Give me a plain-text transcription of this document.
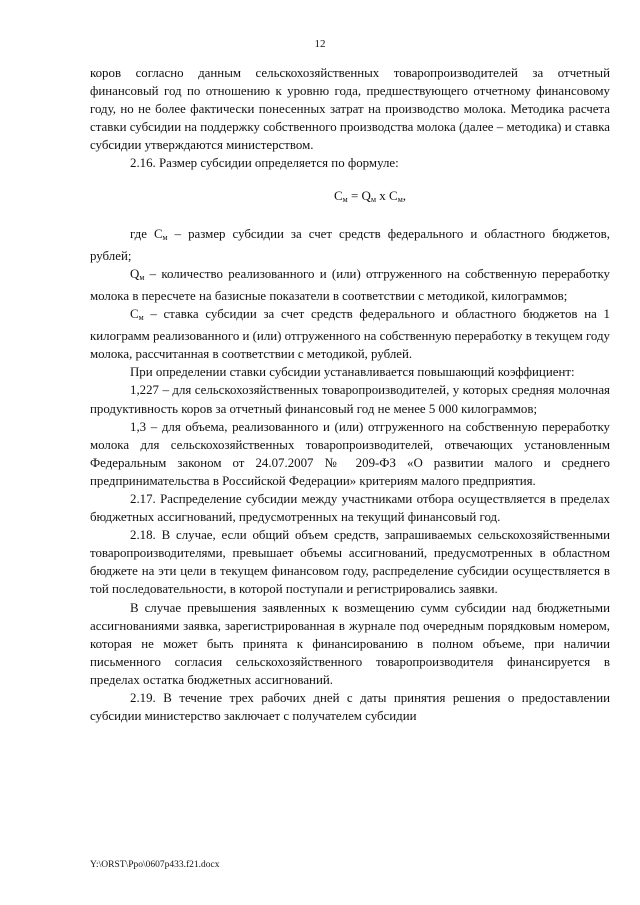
12

коров согласно данным сельскохозяйственных товаропроизводителей за отчетный финансовый год по отношению к уровню года, предшествующего отчетному финансовому году, но не более фактически понесенных затрат на производство молока. Методика расчета ставки субсидии на поддержку собственного производства молока (далее – методика) и ставка субсидии утверждаются министерством.

2.16. Размер субсидии определяется по формуле:

$С_м = Q_м$ x $С_м$,

где $С_м$ – размер субсидии за счет средств федерального и областного бюджетов, рублей;

$Q_м$ – количество реализованного и (или) отгруженного на собственную переработку молока в пересчете на базисные показатели в соответствии с методикой, килограммов;

$С_м$ – ставка субсидии за счет средств федерального и областного бюджетов на 1 килограмм реализованного и (или) отгруженного на собственную переработку в текущем году молока, рассчитанная в соответствии с методикой, рублей.

При определении ставки субсидии устанавливается повышающий коэффициент:

1,227 – для сельскохозяйственных товаропроизводителей, у которых средняя молочная продуктивность коров за отчетный финансовый год не менее 5 000 килограммов;

1,3 – для объема, реализованного и (или) отгруженного на собственную переработку молока для сельскохозяйственных товаропроизводителей, отвечающих установленным Федеральным законом от 24.07.2007 № 209-ФЗ «О развитии малого и среднего предпринимательства в Российской Федерации» критериям малого предприятия.

2.17. Распределение субсидии между участниками отбора осуществляется в пределах бюджетных ассигнований, предусмотренных на текущий финансовый год.

2.18. В случае, если общий объем средств, запрашиваемых сельскохозяйственными товаропроизводителями, превышает объемы ассигнований, предусмотренных в областном бюджете на эти цели в текущем финансовом году, распределение субсидии осуществляется в той последовательности, в которой поступали и регистрировались заявки.

В случае превышения заявленных к возмещению сумм субсидии над бюджетными ассигнованиями заявка, зарегистрированная в журнале под очередным порядковым номером, которая не может быть принята к финансированию в полном объеме, при наличии письменного согласия сельскохозяйственного товаропроизводителя финансируется в пределах остатка бюджетных ассигнований.

2.19. В течение трех рабочих дней с даты принятия решения о предоставлении субсидии министерство заключает с получателем субсидии

Y:\ORST\Ppo\0607p433.f21.docx
